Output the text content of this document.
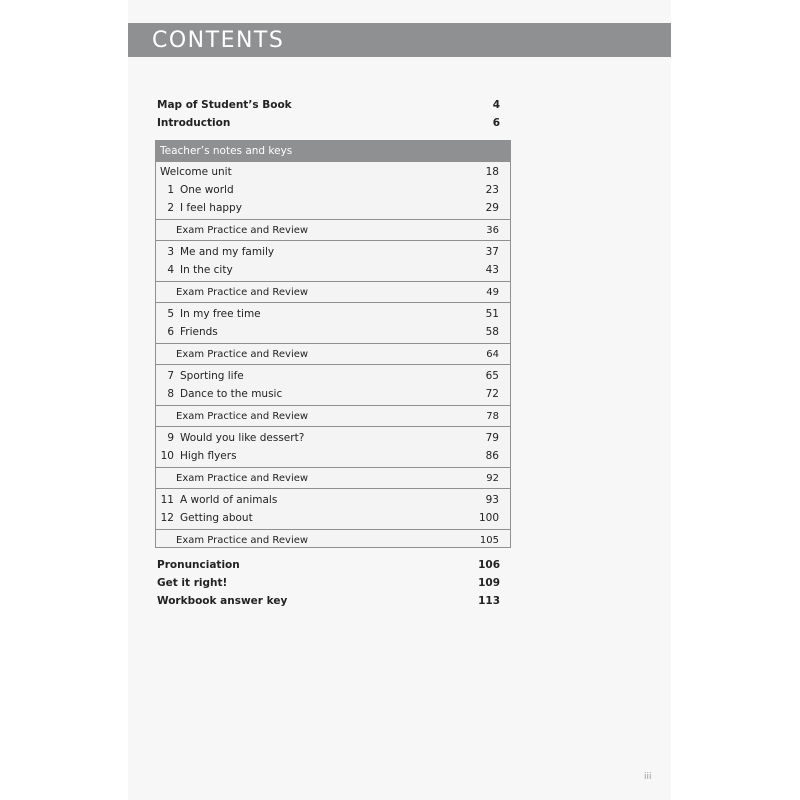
CONTENTS
Map of Student’s Book	4
Introduction	6
Teacher’s notes and keys
Welcome unit	18
1 One world	23
2 I feel happy	29
Exam Practice and Review	36
3 Me and my family	37
4 In the city	43
Exam Practice and Review	49
5 In my free time	51
6 Friends	58
Exam Practice and Review	64
7 Sporting life	65
8 Dance to the music	72
Exam Practice and Review	78
9 Would you like dessert?	79
10 High flyers	86
Exam Practice and Review	92
11 A world of animals	93
12 Getting about	100
Exam Practice and Review	105
Pronunciation	106
Get it right!	109
Workbook answer key	113
iii
